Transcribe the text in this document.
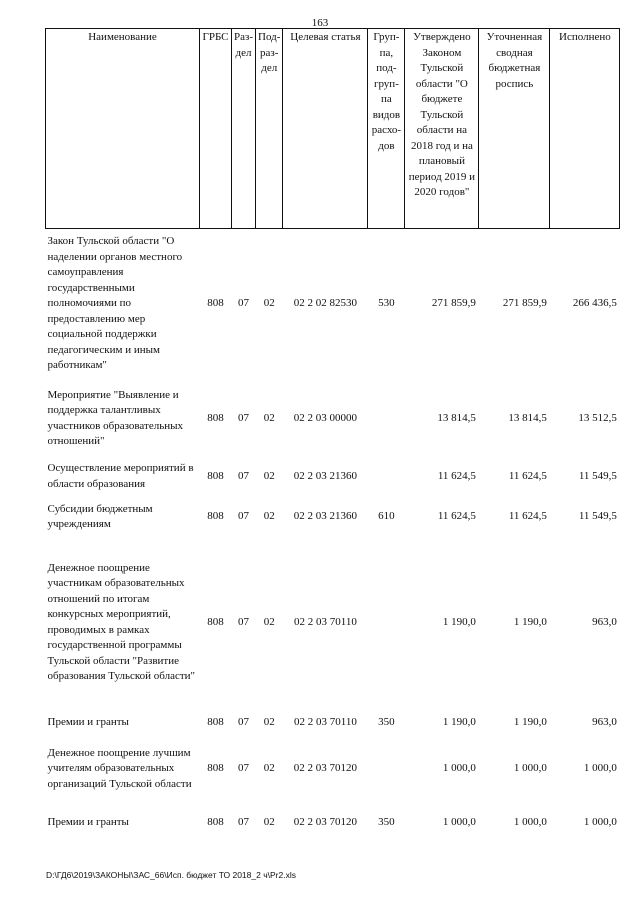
163
Наименование	ГРБС	Раз-дел	Под-раз-дел	Целевая статья	Груп-па, под-груп-па видов расхо-дов	Утверждено Законом Тульской области "О бюджете Тульской области на 2018 год и на плановый период 2019 и 2020 годов"	Уточненная сводная бюджетная роспись	Исполнено
Закон Тульской области "О наделении органов местного самоуправления государственными полномочиями по предоставлению мер социальной поддержки педагогическим и иным работникам"	808	07	02	02 2 02 82530	530	271 859,9	271 859,9	266 436,5
Мероприятие "Выявление и поддержка талантливых участников образовательных отношений"	808	07	02	02 2 03 00000		13 814,5	13 814,5	13 512,5
Осуществление мероприятий в области образования	808	07	02	02 2 03 21360		11 624,5	11 624,5	11 549,5
Субсидии бюджетным учреждениям	808	07	02	02 2 03 21360	610	11 624,5	11 624,5	11 549,5
Денежное поощрение участникам образовательных отношений по итогам конкурсных мероприятий, проводимых в рамках государственной программы Тульской области "Развитие образования Тульской области"	808	07	02	02 2 03 70110		1 190,0	1 190,0	963,0
Премии и гранты	808	07	02	02 2 03 70110	350	1 190,0	1 190,0	963,0
Денежное поощрение лучшим учителям образовательных организаций Тульской области	808	07	02	02 2 03 70120		1 000,0	1 000,0	1 000,0
Премии и гранты	808	07	02	02 2 03 70120	350	1 000,0	1 000,0	1 000,0
D:\ГД6\2019\ЗАКОНЫ\ЗАС_66\Исп. бюджет ТО 2018_2 ч\Pr2.xls
